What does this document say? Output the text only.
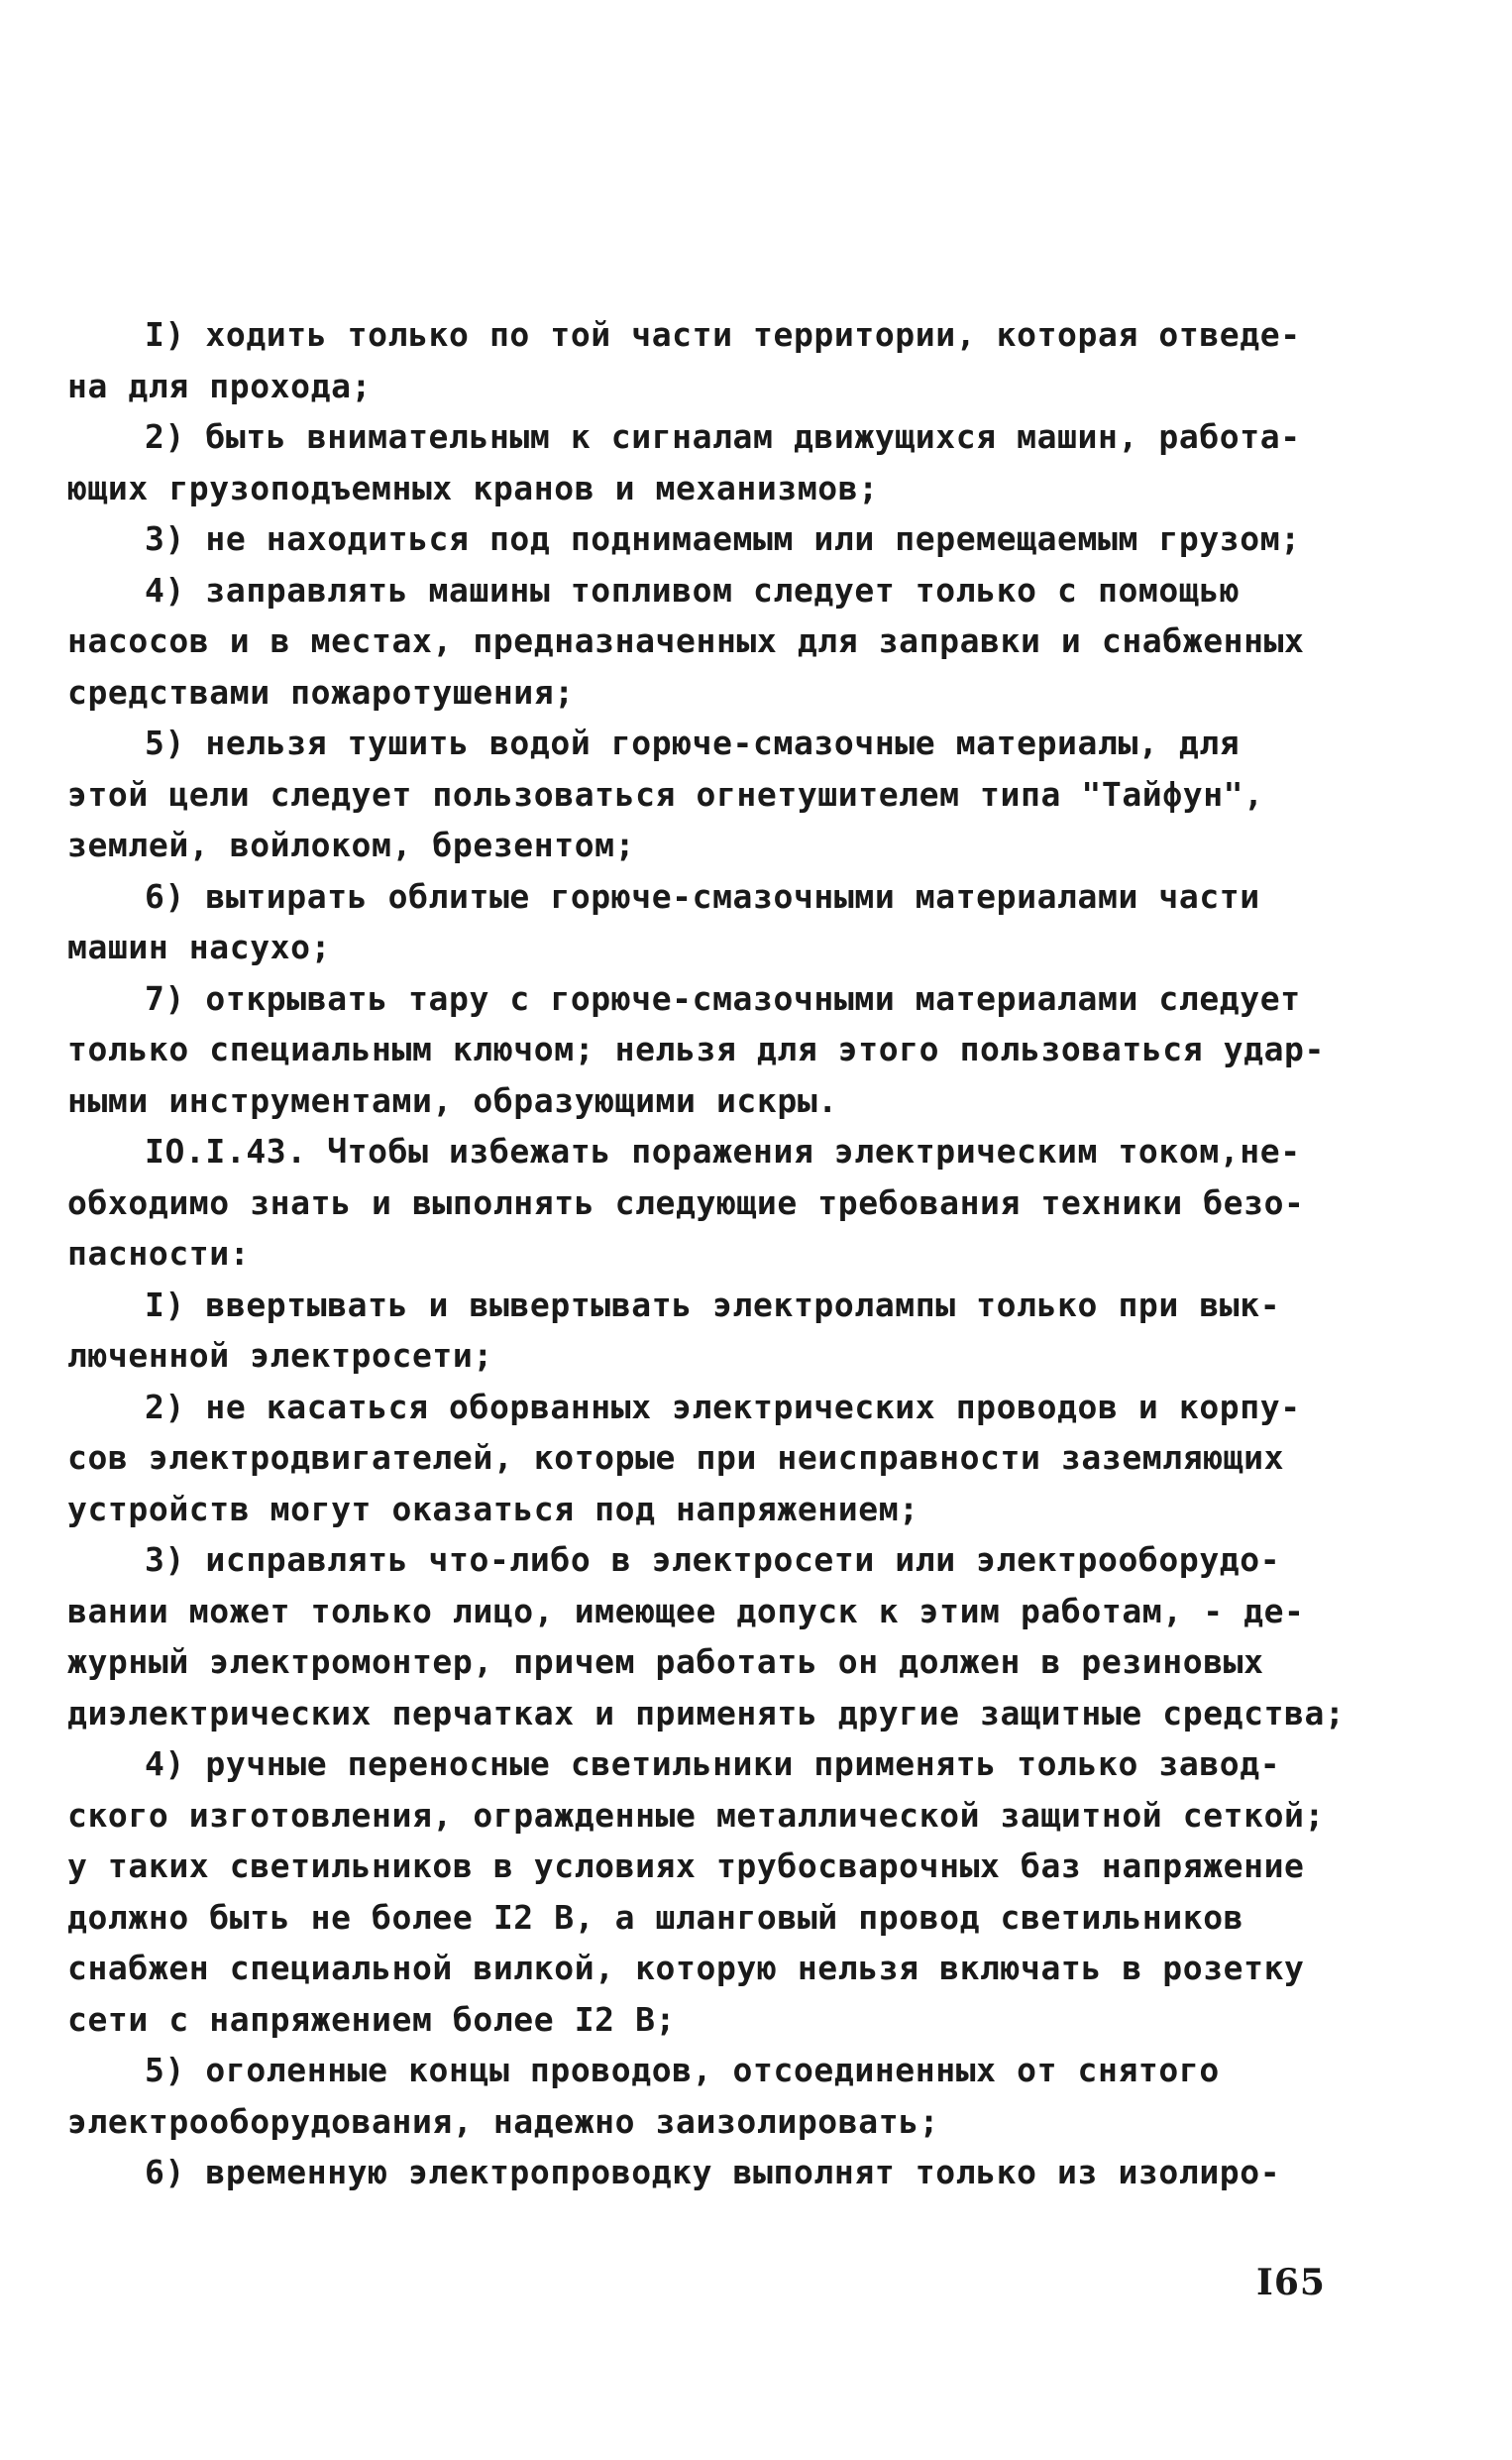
I) ходить только по той части территории, которая отведе-
на для прохода;
2) быть внимательным к сигналам движущихся машин, работа-
ющих грузоподъемных кранов и механизмов;
3) не находиться под поднимаемым или перемещаемым грузом;
4) заправлять машины топливом следует только с помощью
насосов и в местах, предназначенных для заправки и снабженных
средствами пожаротушения;
5) нельзя тушить водой горюче-смазочные материалы, для
этой цели следует пользоваться огнетушителем типа "Тайфун",
землей, войлоком, брезентом;
6) вытирать облитые горюче-смазочными материалами части
машин насухо;
7) открывать тару с горюче-смазочными материалами следует
только специальным ключом; нельзя для этого пользоваться удар-
ными инструментами, образующими искры.
IO.I.43. Чтобы избежать поражения электрическим током,не-
обходимо знать и выполнять следующие требования техники безо-
пасности:
I) ввертывать и вывертывать электролампы только при вык-
люченной электросети;
2) не касаться оборванных электрических проводов и корпу-
сов электродвигателей, которые при неисправности заземляющих
устройств могут оказаться под напряжением;
3) исправлять что-либо в электросети или электрооборудо-
вании может только лицо, имеющее допуск к этим работам, - де-
журный электромонтер, причем работать он должен в резиновых
диэлектрических перчатках и применять другие защитные средства;
4) ручные переносные светильники применять только завод-
ского изготовления, огражденные металлической защитной сеткой;
у таких светильников в условиях трубосварочных баз напряжение
должно быть не более I2 В, а шланговый провод светильников
снабжен специальной вилкой, которую нельзя включать в розетку
сети с напряжением более I2 В;
5) оголенные концы проводов, отсоединенных от снятого
электрооборудования, надежно заизолировать;
6) временную электропроводку выполнят только из изолиро-
I65
